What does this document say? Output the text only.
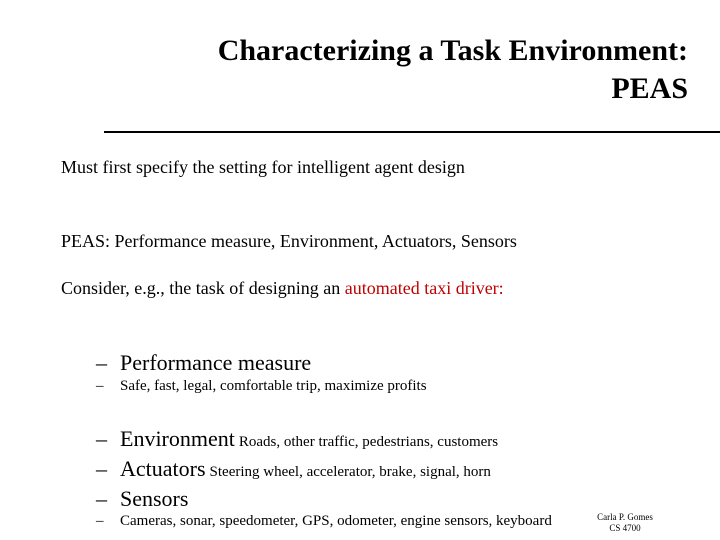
Characterizing a Task Environment:
PEAS
Must first specify the setting for intelligent agent design
PEAS: Performance measure, Environment, Actuators, Sensors
Consider, e.g., the task of designing an automated taxi driver:
– Performance measure
– Safe, fast, legal, comfortable trip, maximize profits
– Environment Roads, other traffic, pedestrians, customers
– Actuators Steering wheel, accelerator, brake, signal, horn
– Sensors
– Cameras, sonar, speedometer, GPS, odometer, engine sensors, keyboard	Carla P. Gomes
CS 4700
